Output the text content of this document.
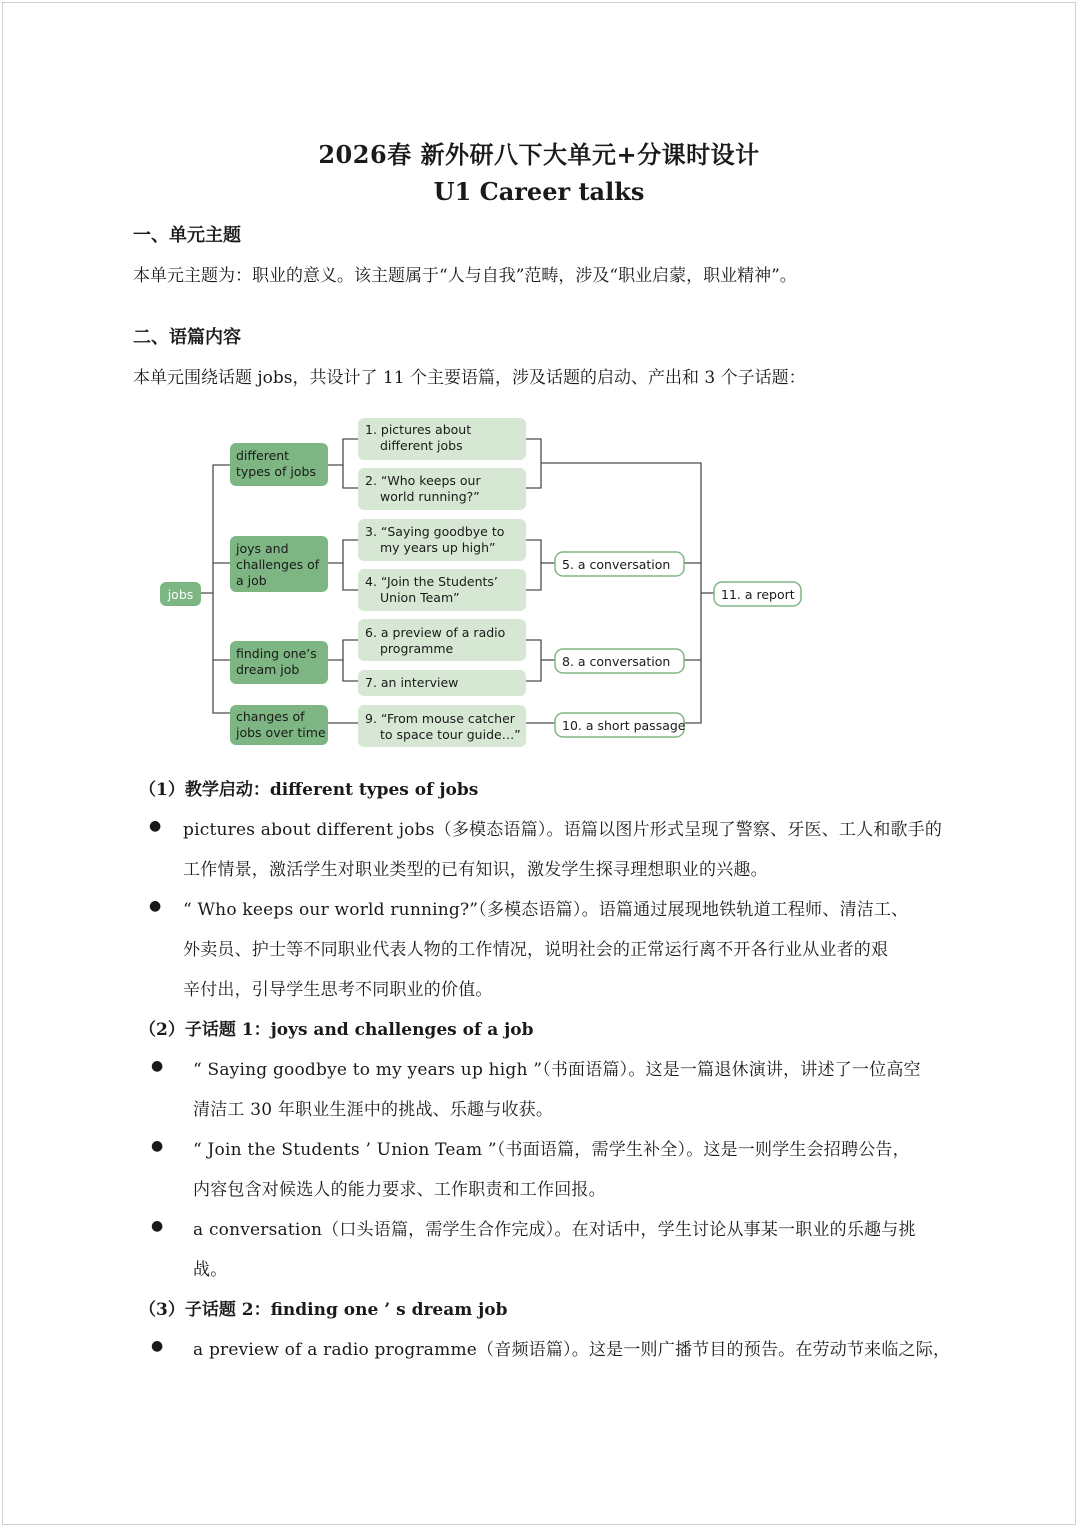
2026春 新外研八下大单元+分课时设计
U1 Career talks
一、单元主题
本单元主题为：职业的意义。该主题属于“人与自我”范畴，涉及“职业启蒙，职业精神”。
二、语篇内容
本单元围绕话题 jobs，共设计了 11 个主要语篇，涉及话题的启动、产出和 3 个子话题：
jobs
different types of jobs
joys and challenges of a job
finding one’s dream job
changes of jobs over time
1. pictures about different jobs
2. “Who keeps our world running?”
3. “Saying goodbye to my years up high”
4. “Join the Students’ Union Team”
6. a preview of a radio programme
7. an interview
9. “From mouse catcher to space tour guide…”
5. a conversation
8. a conversation
10. a short passage
11. a report
（1）教学启动：different types of jobs
● pictures about different jobs（多模态语篇）。语篇以图片形式呈现了警察、牙医、工人和歌手的
工作情景，激活学生对职业类型的已有知识，激发学生探寻理想职业的兴趣。
● “ Who keeps our world running?”（多模态语篇）。语篇通过展现地铁轨道工程师、清洁工、
外卖员、护士等不同职业代表人物的工作情况，说明社会的正常运行离不开各行业从业者的艰
辛付出，引导学生思考不同职业的价值。
（2）子话题 1：joys and challenges of a job
● “ Saying goodbye to my years up high ”（书面语篇）。这是一篇退休演讲，讲述了一位高空
清洁工 30 年职业生涯中的挑战、乐趣与收获。
● “ Join the Students ’ Union Team ”（书面语篇，需学生补全）。这是一则学生会招聘公告，
内容包含对候选人的能力要求、工作职责和工作回报。
● a conversation（口头语篇，需学生合作完成）。在对话中，学生讨论从事某一职业的乐趣与挑
战。
（3）子话题 2：finding one ’ s dream job
● a preview of a radio programme（音频语篇）。这是一则广播节目的预告。在劳动节来临之际，
